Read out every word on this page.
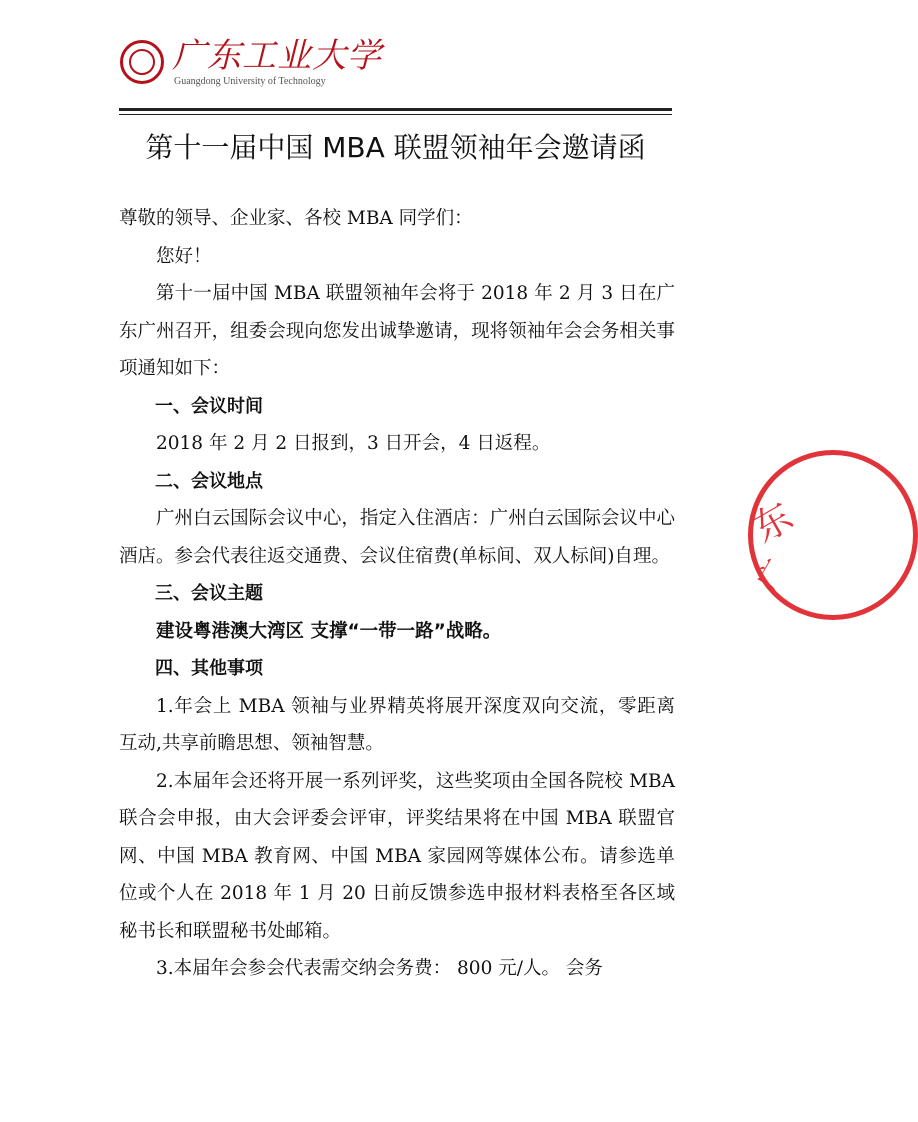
广东工业大学
Guangdong University of Technology
第十一届中国 MBA 联盟领袖年会邀请函

尊敬的领导、企业家、各校 MBA 同学们：

您好！

第十一届中国 MBA 联盟领袖年会将于 2018 年 2 月 3 日在广东广州召开，组委会现向您发出诚挚邀请，现将领袖年会会务相关事项通知如下：

一、会议时间

2018 年 2 月 2 日报到，3 日开会，4 日返程。

二、会议地点

广州白云国际会议中心，指定入住酒店：广州白云国际会议中心酒店。参会代表往返交通费、会议住宿费(单标间、双人标间)自理。

三、会议主题

建设粤港澳大湾区 支撑“一带一路”战略。

四、其他事项

1.年会上 MBA 领袖与业界精英将展开深度双向交流，零距离互动,共享前瞻思想、领袖智慧。

2.本届年会还将开展一系列评奖，这些奖项由全国各院校 MBA 联合会申报，由大会评委会评审，评奖结果将在中国 MBA 联盟官网、中国 MBA 教育网、中国 MBA 家园网等媒体公布。请参选单位或个人在 2018 年 1 月 20 日前反馈参选申报材料表格至各区域秘书长和联盟秘书处邮箱。

3.本届年会参会代表需交纳会务费： 800 元/人。 会务

东
广
